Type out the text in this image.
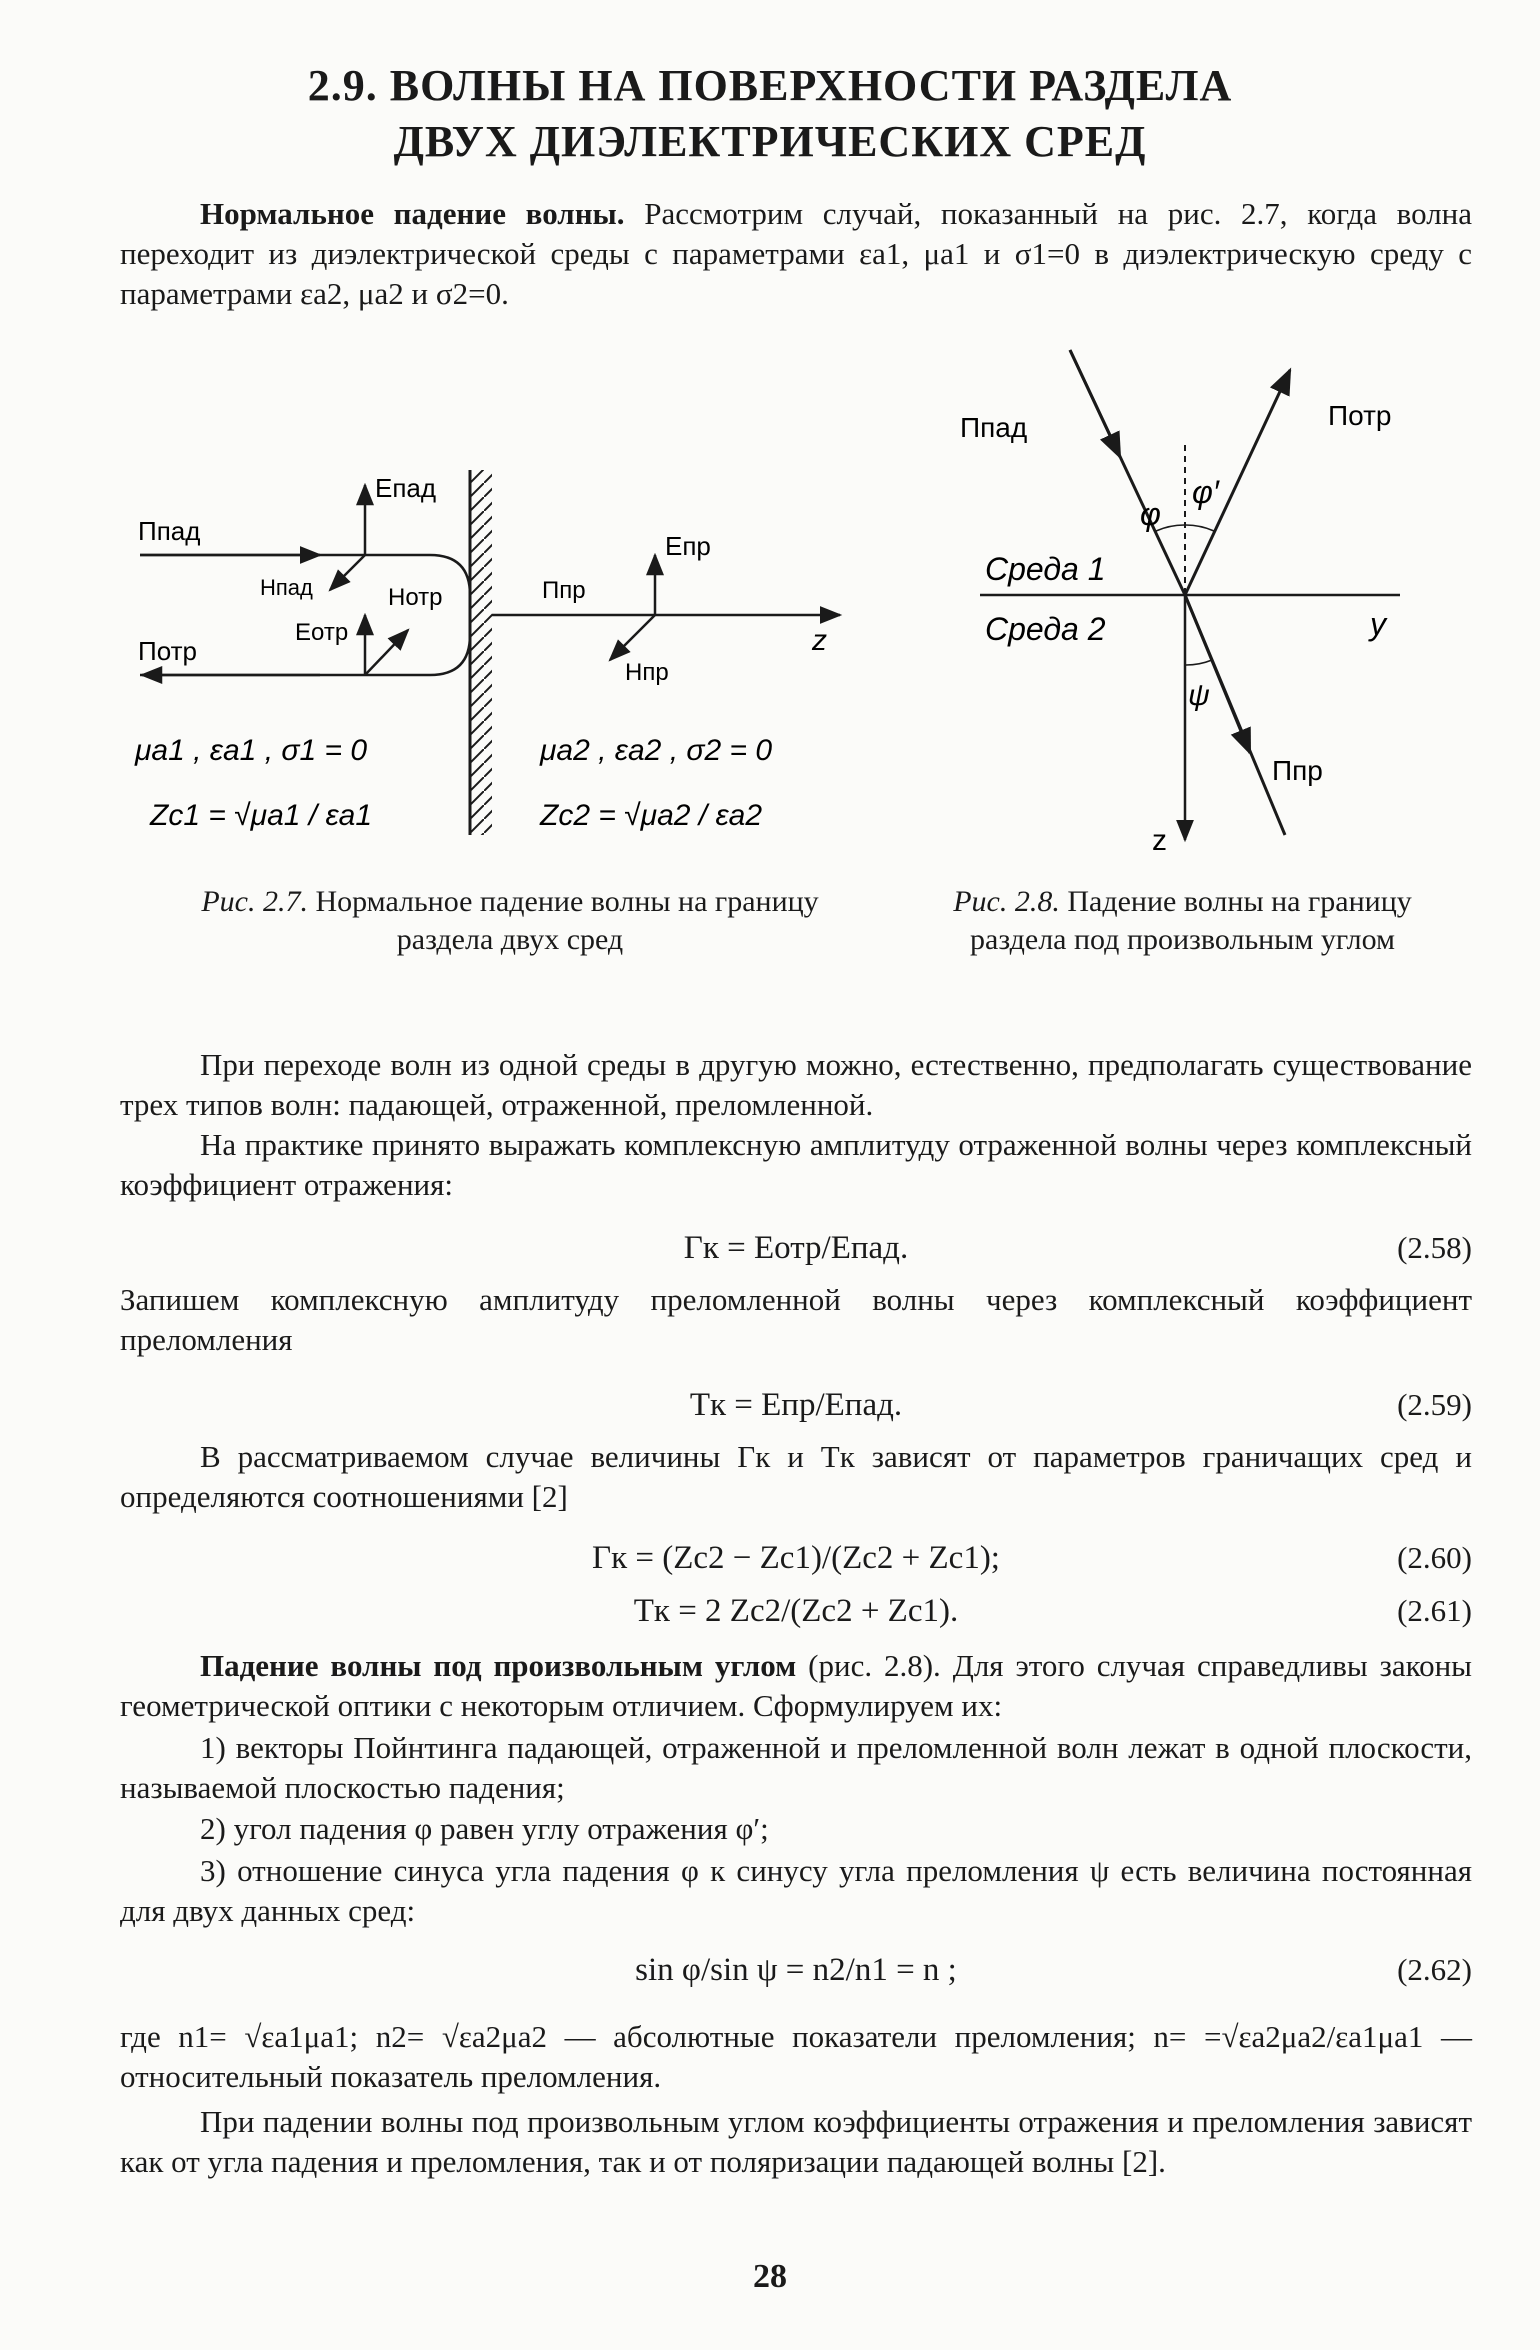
2.9. ВОЛНЫ НА ПОВЕРХНОСТИ РАЗДЕЛА
ДВУХ ДИЭЛЕКТРИЧЕСКИХ СРЕД

Нормальное падение волны. Рассмотрим случай, показанный на рис. 2.7, когда волна переходит из диэлектрической среды с параметрами εa1, μa1 и σ1=0 в диэлектрическую среду с параметрами εa2, μa2 и σ2=0.

Ппад
Eпад
Hпад	Hотр
Eотр
Потр
Ппр
Eпр
Hпр
z
μa1 , εa1 , σ1 = 0
Zc1 = √μa1 / εa1
μa2 , εa2 , σ2 = 0
Zc2 = √μa2 / εa2
Ппад	Потр
φ
φ′
Среда 1
Среда 2	y
ψ
Ппр
z
Рис. 2.7. Нормальное падение волны на границу раздела двух сред
Рис. 2.8. Падение волны на границу раздела под произвольным углом

При переходе волн из одной среды в другую можно, естественно, предполагать существование трех типов волн: падающей, отраженной, преломленной.

На практике принято выражать комплексную амплитуду отраженной волны через комплексный коэффициент отражения:

Гк = Eотр/Eпад.	(2.58)

Запишем комплексную амплитуду преломленной волны через комплексный коэффициент преломления

Tк = Eпр/Eпад.	(2.59)

В рассматриваемом случае величины Гк и Tк зависят от параметров граничащих сред и определяются соотношениями [2]

Гк = (Zc2 − Zc1)/(Zc2 + Zc1);	(2.60)
Tк = 2 Zc2/(Zc2 + Zc1).	(2.61)

Падение волны под произвольным углом (рис. 2.8). Для этого случая справедливы законы геометрической оптики с некоторым отличием. Сформулируем их:

1) векторы Пойнтинга падающей, отраженной и преломленной волн лежат в одной плоскости, называемой плоскостью падения;

2) угол падения φ равен углу отражения φ′;

3) отношение синуса угла падения φ к синусу угла преломления ψ есть величина постоянная для двух данных сред:

sin φ/sin ψ = n2/n1 = n ;	(2.62)

где n1= √εa1μa1; n2= √εa2μa2 — абсолютные показатели преломления; n= =√εa2μa2/εa1μa1 — относительный показатель преломления.

При падении волны под произвольным углом коэффициенты отражения и преломления зависят как от угла падения и преломления, так и от поляризации падающей волны [2].

28
